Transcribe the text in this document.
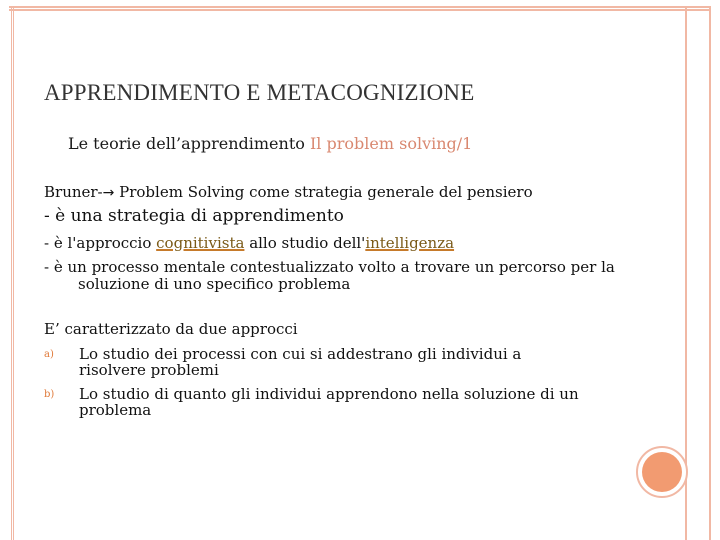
APPRENDIMENTO E METACOGNIZIONE
Le teorie dell’apprendimento Il problem solving/1
Bruner-→ Problem Solving come strategia generale del pensiero
- è una strategia di apprendimento
- è l'approccio cognitivista allo studio dell'intelligenza
- è un processo mentale contestualizzato volto a trovare un percorso per la
soluzione di uno specifico problema
E’ caratterizzato da due approcci
a) Lo studio dei processi con cui si addestrano gli individui a risolvere problemi
b) Lo studio di quanto gli individui apprendono nella soluzione di un problema
